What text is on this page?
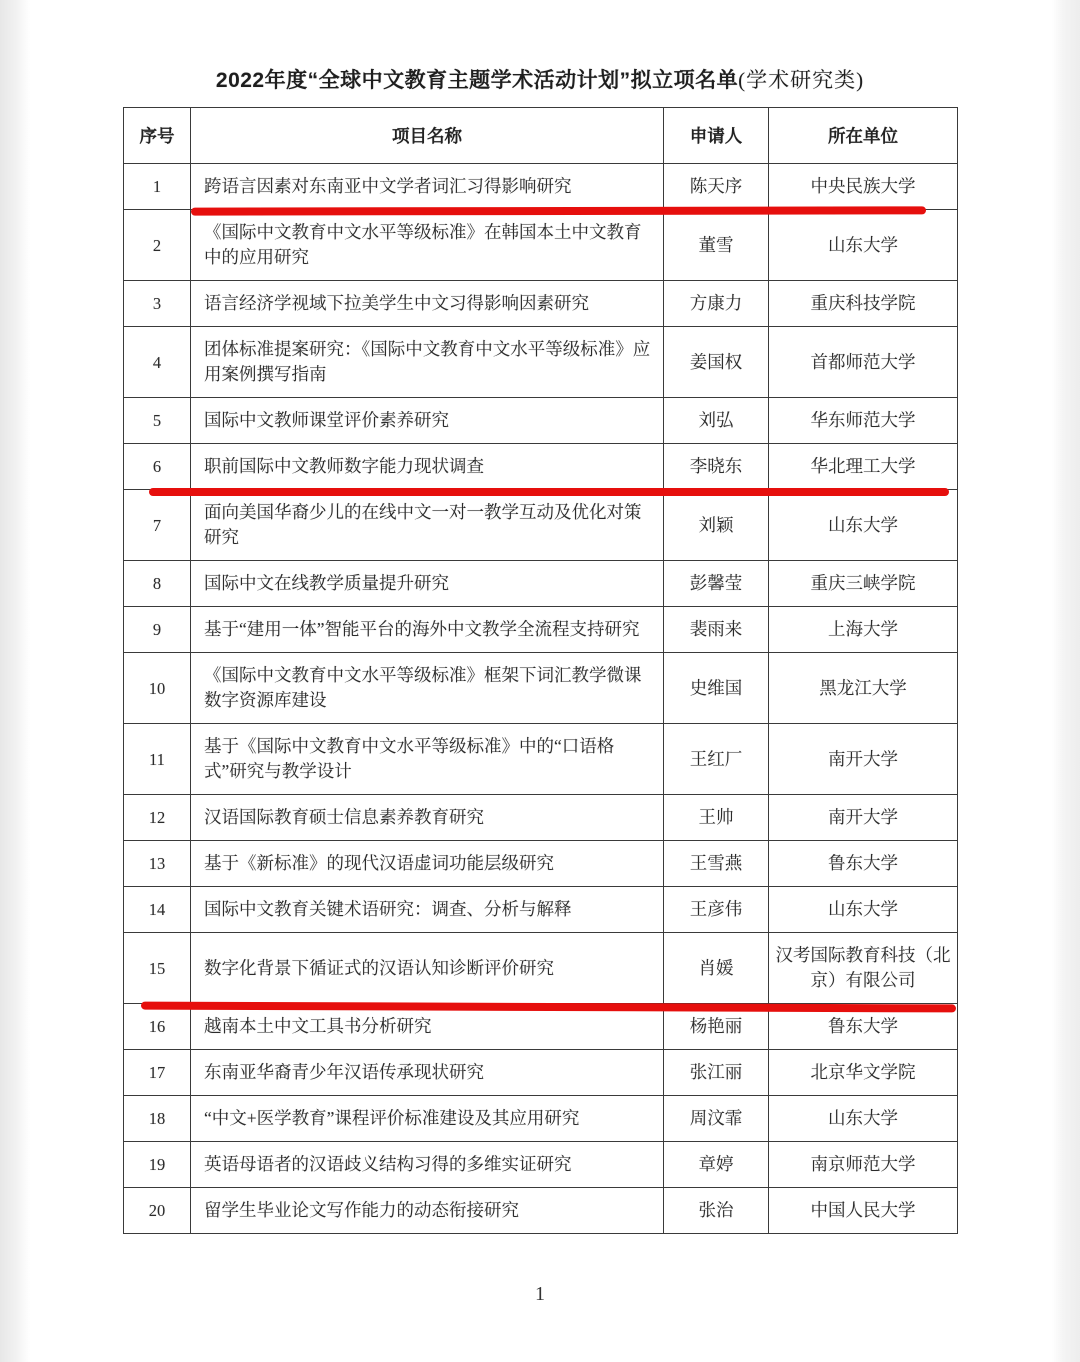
2022年度“全球中文教育主题学术活动计划”拟立项名单(学术研究类)
序号	项目名称	申请人	所在单位
1	跨语言因素对东南亚中文学者词汇习得影响研究	陈天序	中央民族大学
2	《国际中文教育中文水平等级标准》在韩国本土中文教育中的应用研究	董雪	山东大学
3	语言经济学视域下拉美学生中文习得影响因素研究	方康力	重庆科技学院
4	团体标准提案研究：《国际中文教育中文水平等级标准》应用案例撰写指南	姜国权	首都师范大学
5	国际中文教师课堂评价素养研究	刘弘	华东师范大学
6	职前国际中文教师数字能力现状调查	李晓东	华北理工大学
7	面向美国华裔少儿的在线中文一对一教学互动及优化对策研究	刘颖	山东大学
8	国际中文在线教学质量提升研究	彭馨莹	重庆三峡学院
9	基于“建用一体”智能平台的海外中文教学全流程支持研究	裴雨来	上海大学
10	《国际中文教育中文水平等级标准》框架下词汇教学微课数字资源库建设	史维国	黑龙江大学
11	基于《国际中文教育中文水平等级标准》中的“口语格式”研究与教学设计	王红厂	南开大学
12	汉语国际教育硕士信息素养教育研究	王帅	南开大学
13	基于《新标准》的现代汉语虚词功能层级研究	王雪燕	鲁东大学
14	国际中文教育关键术语研究：调查、分析与解释	王彦伟	山东大学
15	数字化背景下循证式的汉语认知诊断评价研究	肖媛	汉考国际教育科技（北京）有限公司
16	越南本土中文工具书分析研究	杨艳丽	鲁东大学
17	东南亚华裔青少年汉语传承现状研究	张江丽	北京华文学院
18	“中文+医学教育”课程评价标准建设及其应用研究	周汶霏	山东大学
19	英语母语者的汉语歧义结构习得的多维实证研究	章婷	南京师范大学
20	留学生毕业论文写作能力的动态衔接研究	张治	中国人民大学
1
